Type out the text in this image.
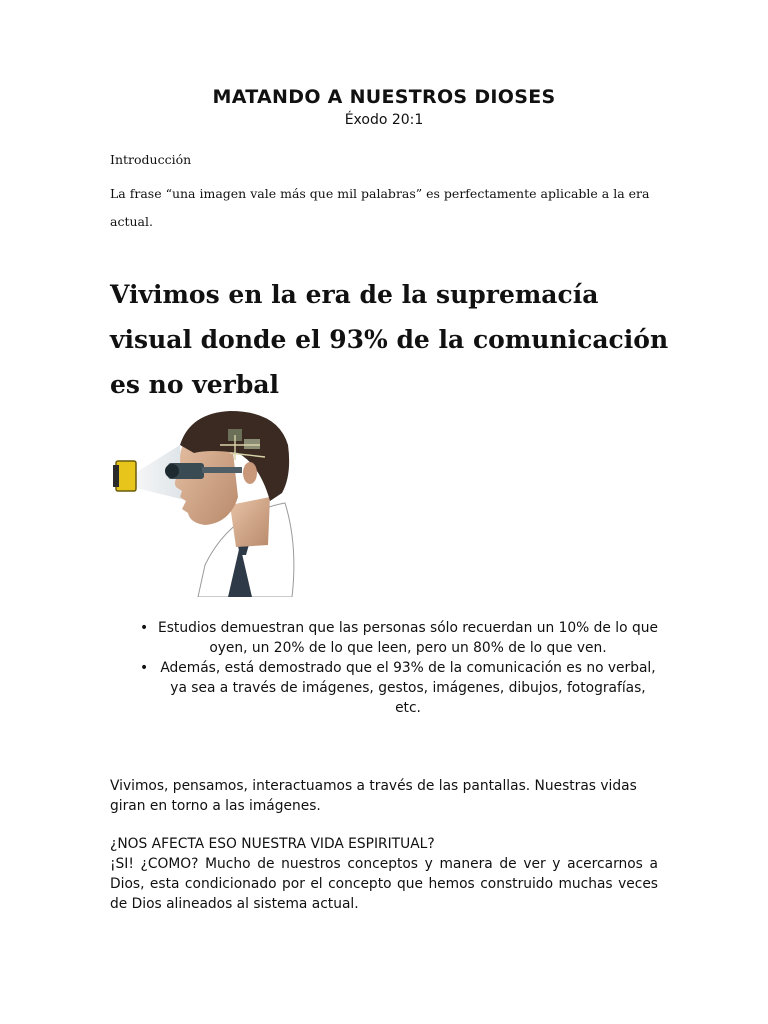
MATANDO A NUESTROS DIOSES
Éxodo 20:1
Introducción
La frase “una imagen vale más que mil palabras” es perfectamente aplicable a la era actual.
Vivimos en la era de la supremacía visual donde el 93% de la comunicación es no verbal
• Estudios demuestran que las personas sólo recuerdan un 10% de lo que oyen, un 20% de lo que leen, pero un 80% de lo que ven.
• Además, está demostrado que el 93% de la comunicación es no verbal, ya sea a través de imágenes, gestos, imágenes, dibujos, fotografías, etc.
Vivimos, pensamos, interactuamos a través de las pantallas. Nuestras vidas giran en torno a las imágenes.
¿NOS AFECTA ESO NUESTRA VIDA ESPIRITUAL?
¡SI! ¿COMO? Mucho de nuestros conceptos y manera de ver y acercarnos a Dios, esta condicionado por el concepto que hemos construido muchas veces de Dios alineados al sistema actual.
